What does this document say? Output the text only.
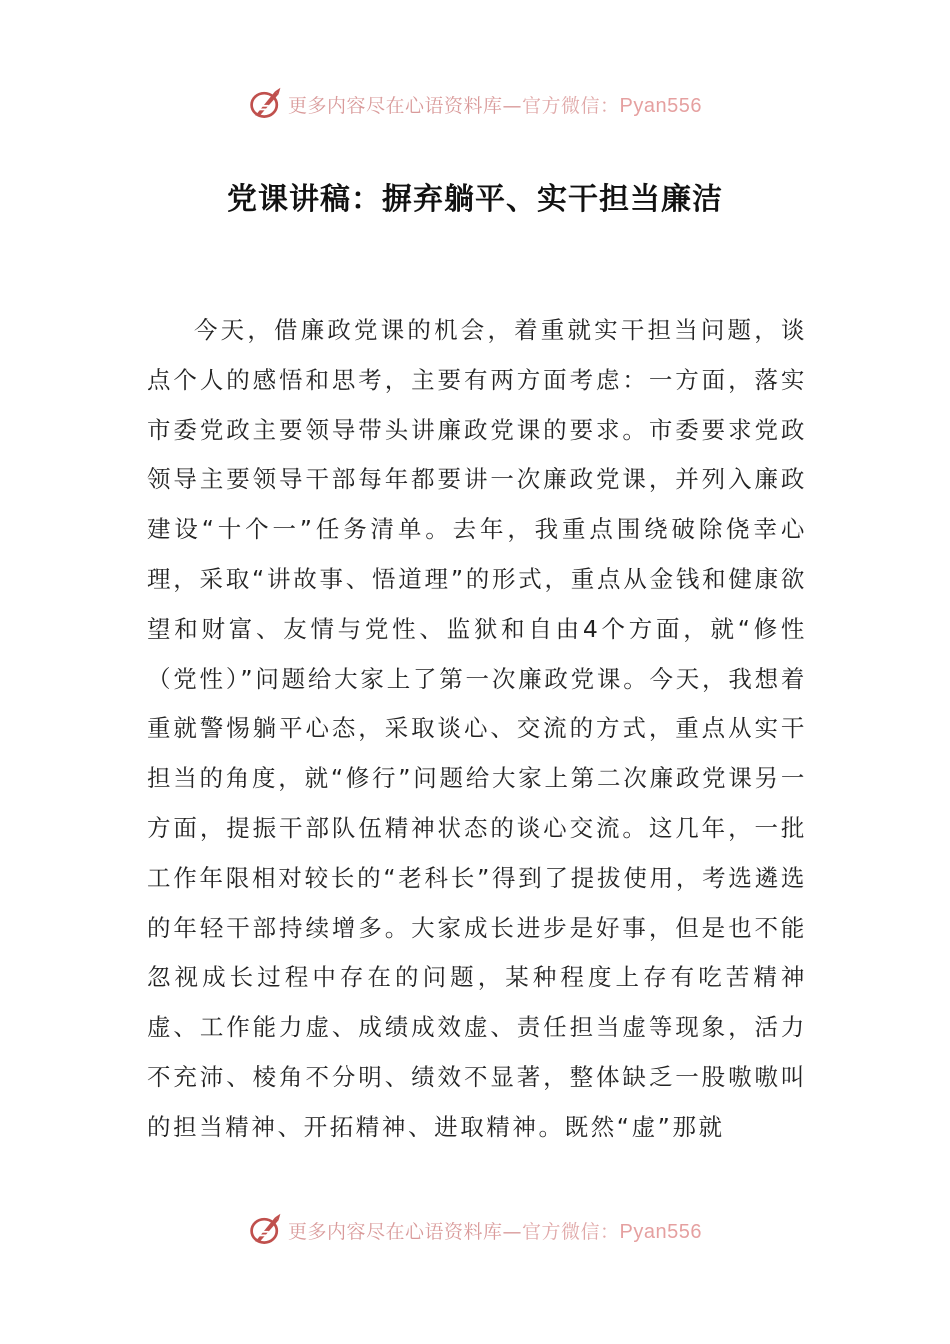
更多内容尽在心语资料库—官方微信：Pyan556
党课讲稿：摒弃躺平、实干担当廉洁

今天，借廉政党课的机会，着重就实干担当问题，谈点个人的感悟和思考，主要有两方面考虑：一方面，落实市委党政主要领导带头讲廉政党课的要求。市委要求党政领导主要领导干部每年都要讲一次廉政党课，并列入廉政建设“十个一”任务清单。去年，我重点围绕破除侥幸心理，采取“讲故事、悟道理”的形式，重点从金钱和健康欲望和财富、友情与党性、监狱和自由4个方面，就“修性（党性）”问题给大家上了第一次廉政党课。今天，我想着重就警惕躺平心态，采取谈心、交流的方式，重点从实干担当的角度，就“修行”问题给大家上第二次廉政党课另一方面，提振干部队伍精神状态的谈心交流。这几年，一批工作年限相对较长的“老科长”得到了提拔使用，考选遴选的年轻干部持续增多。大家成长进步是好事，但是也不能忽视成长过程中存在的问题，某种程度上存有吃苦精神虚、工作能力虚、成绩成效虚、责任担当虚等现象，活力不充沛、棱角不分明、绩效不显著，整体缺乏一股嗷嗷叫的担当精神、开拓精神、进取精神。既然“虚”那就

更多内容尽在心语资料库—官方微信：Pyan556
